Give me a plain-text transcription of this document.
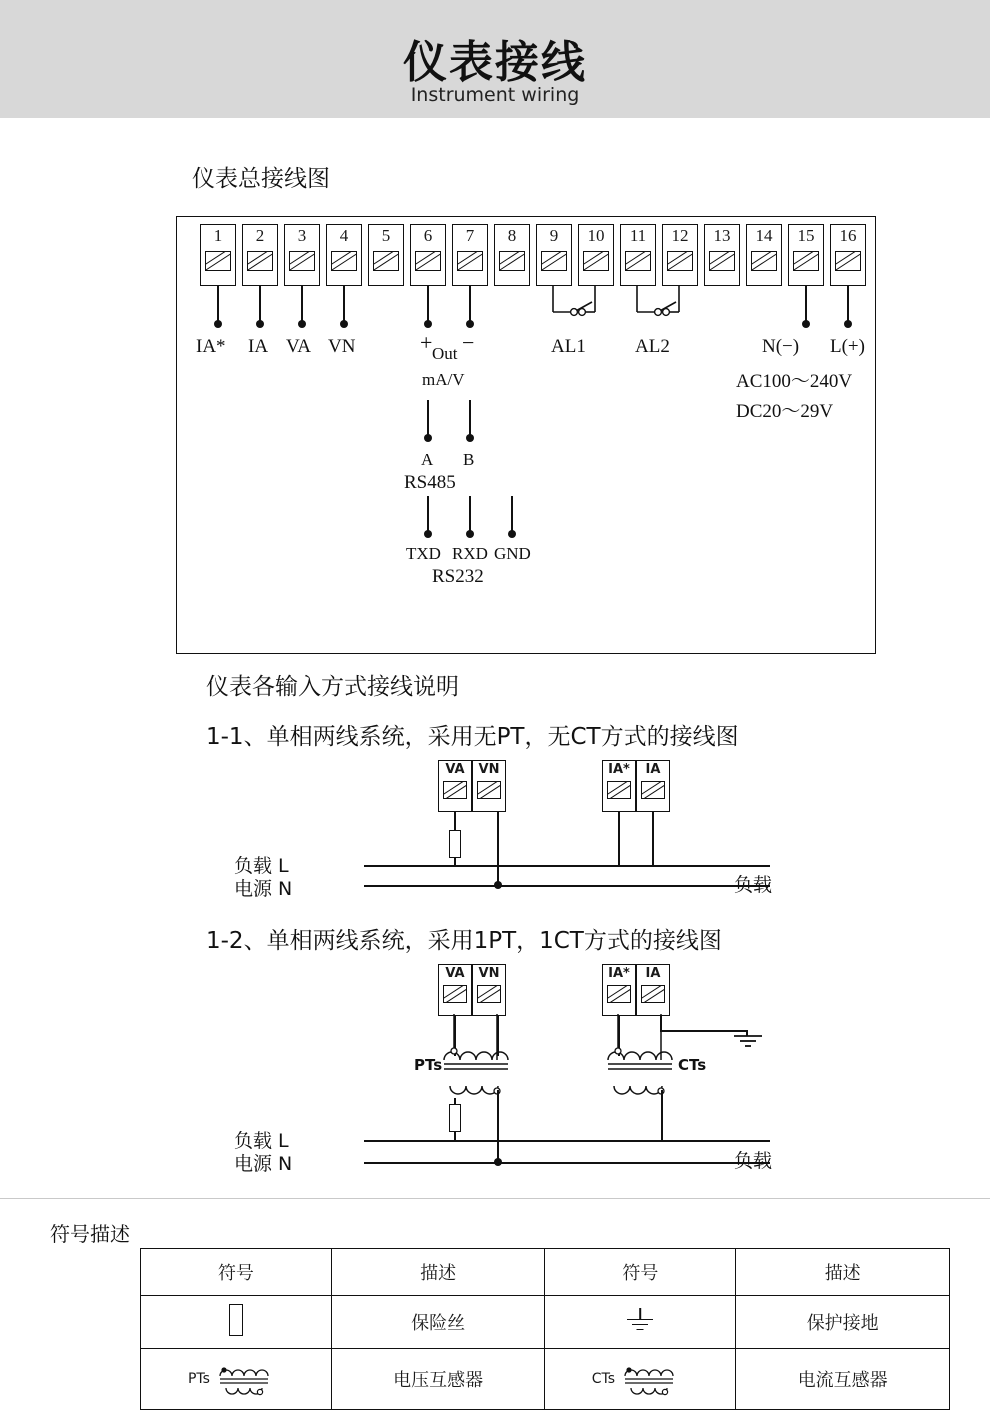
仪表接线
Instrument wiring
仪表总接线图
1	2	3	4	5	6	7	8	9	10	11	12	13	14	15	16
IA* IA VA VN	+ −
Out
mA/V
AL1	AL2	N(−) L(+)
AC100～240V
DC20～29V
A B
RS485
TXD RXD GND
RS232
仪表各输入方式接线说明
1-1、单相两线系统，采用无PT，无CT方式的接线图
VA	VN	IA*	IA
负载 L
电源 N	负载
1-2、单相两线系统，采用1PT，1CT方式的接线图
VA	VN	IA*	IA
PTs	CTs
负载 L
电源 N	负载
符号描述
符号	描述	符号	描述
	保险丝		保护接地

PTs	电压互感器	CTs	电流互感器
